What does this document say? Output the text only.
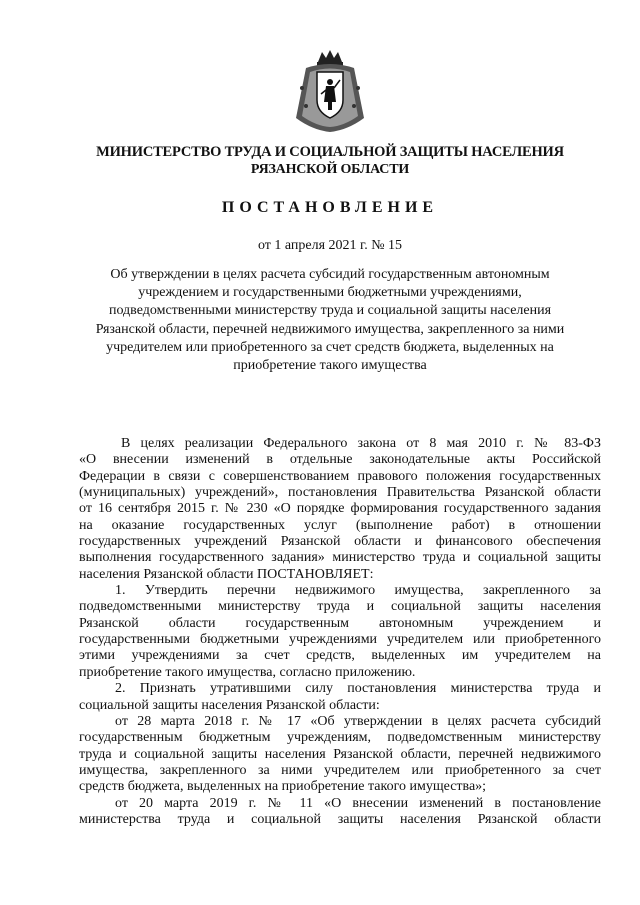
МИНИСТЕРСТВО ТРУДА И СОЦИАЛЬНОЙ ЗАЩИТЫ НАСЕЛЕНИЯ
РЯЗАНСКОЙ ОБЛАСТИ
ПОСТАНОВЛЕНИЕ
от 1 апреля 2021 г. № 15
Об утверждении в целях расчета субсидий государственным автономным
учреждением и государственными бюджетными учреждениями,
подведомственными министерству труда и социальной защиты населения
Рязанской области, перечней недвижимого имущества, закрепленного за ними
учредителем или приобретенного за счет средств бюджета, выделенных на
приобретение такого имущества
В целях реализации Федерального закона от 8 мая 2010 г. № 83-ФЗ
«О внесении изменений в отдельные законодательные акты Российской
Федерации в связи с совершенствованием правового положения государственных
(муниципальных) учреждений», постановления Правительства Рязанской области
от 16 сентября 2015 г. № 230 «О порядке формирования государственного задания
на оказание государственных услуг (выполнение работ) в отношении
государственных учреждений Рязанской области и финансового обеспечения
выполнения государственного задания» министерство труда и социальной защиты
населения Рязанской области ПОСТАНОВЛЯЕТ:
1. Утвердить перечни недвижимого имущества, закрепленного за
подведомственными министерству труда и социальной защиты населения
Рязанской области государственным автономным учреждением и
государственными бюджетными учреждениями учредителем или приобретенного
этими учреждениями за счет средств, выделенных им учредителем на
приобретение такого имущества, согласно приложению.
2. Признать утратившими силу постановления министерства труда и
социальной защиты населения Рязанской области:
от 28 марта 2018 г. № 17 «Об утверждении в целях расчета субсидий
государственным бюджетным учреждениям, подведомственным министерству
труда и социальной защиты населения Рязанской области, перечней недвижимого
имущества, закрепленного за ними учредителем или приобретенного за счет
средств бюджета, выделенных на приобретение такого имущества»;
от 20 марта 2019 г. № 11 «О внесении изменений в постановление
министерства труда и социальной защиты населения Рязанской области
